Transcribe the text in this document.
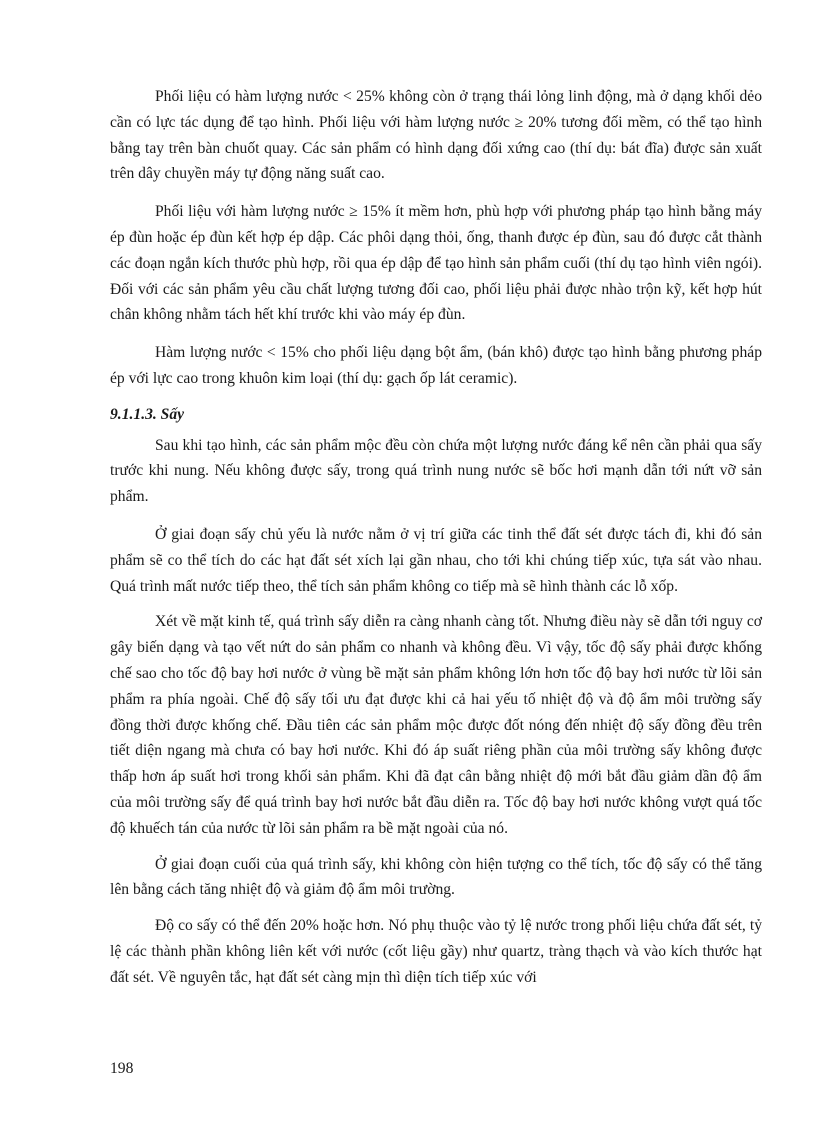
Phối liệu có hàm lượng nước < 25% không còn ở trạng thái lỏng linh động, mà ở dạng khối dẻo cần có lực tác dụng để tạo hình. Phối liệu với hàm lượng nước ≥ 20% tương đối mềm, có thể tạo hình bằng tay trên bàn chuốt quay. Các sản phẩm có hình dạng đối xứng cao (thí dụ: bát đĩa) được sản xuất trên dây chuyền máy tự động năng suất cao.

Phối liệu với hàm lượng nước ≥ 15% ít mềm hơn, phù hợp với phương pháp tạo hình bằng máy ép đùn hoặc ép đùn kết hợp ép dập. Các phôi dạng thỏi, ống, thanh được ép đùn, sau đó được cắt thành các đoạn ngắn kích thước phù hợp, rồi qua ép dập để tạo hình sản phẩm cuối (thí dụ tạo hình viên ngói). Đối với các sản phẩm yêu cầu chất lượng tương đối cao, phối liệu phải được nhào trộn kỹ, kết hợp hút chân không nhằm tách hết khí trước khi vào máy ép đùn.

Hàm lượng nước < 15% cho phối liệu dạng bột ẩm, (bán khô) được tạo hình bằng phương pháp ép với lực cao trong khuôn kim loại (thí dụ: gạch ốp lát ceramic).

9.1.1.3. Sấy

Sau khi tạo hình, các sản phẩm mộc đều còn chứa một lượng nước đáng kể nên cần phải qua sấy trước khi nung. Nếu không được sấy, trong quá trình nung nước sẽ bốc hơi mạnh dẫn tới nứt vỡ sản phẩm.

Ở giai đoạn sấy chủ yếu là nước nằm ở vị trí giữa các tinh thể đất sét được tách đi, khi đó sản phẩm sẽ co thể tích do các hạt đất sét xích lại gần nhau, cho tới khi chúng tiếp xúc, tựa sát vào nhau. Quá trình mất nước tiếp theo, thể tích sản phẩm không co tiếp mà sẽ hình thành các lỗ xốp.

Xét về mặt kinh tế, quá trình sấy diễn ra càng nhanh càng tốt. Nhưng điều này sẽ dẫn tới nguy cơ gây biến dạng và tạo vết nứt do sản phẩm co nhanh và không đều. Vì vậy, tốc độ sấy phải được khống chế sao cho tốc độ bay hơi nước ở vùng bề mặt sản phẩm không lớn hơn tốc độ bay hơi nước từ lõi sản phẩm ra phía ngoài. Chế độ sấy tối ưu đạt được khi cả hai yếu tố nhiệt độ và độ ẩm môi trường sấy đồng thời được khống chế. Đầu tiên các sản phẩm mộc được đốt nóng đến nhiệt độ sấy đồng đều trên tiết diện ngang mà chưa có bay hơi nước. Khi đó áp suất riêng phần của môi trường sấy không được thấp hơn áp suất hơi trong khối sản phẩm. Khi đã đạt cân bằng nhiệt độ mới bắt đầu giảm dần độ ẩm của môi trường sấy để quá trình bay hơi nước bắt đầu diễn ra. Tốc độ bay hơi nước không vượt quá tốc độ khuếch tán của nước từ lõi sản phẩm ra bề mặt ngoài của nó.

Ở giai đoạn cuối của quá trình sấy, khi không còn hiện tượng co thể tích, tốc độ sấy có thể tăng lên bằng cách tăng nhiệt độ và giảm độ ẩm môi trường.

Độ co sấy có thể đến 20% hoặc hơn. Nó phụ thuộc vào tỷ lệ nước trong phối liệu chứa đất sét, tỷ lệ các thành phần không liên kết với nước (cốt liệu gầy) như quartz, tràng thạch và vào kích thước hạt đất sét. Về nguyên tắc, hạt đất sét càng mịn thì diện tích tiếp xúc với

198
